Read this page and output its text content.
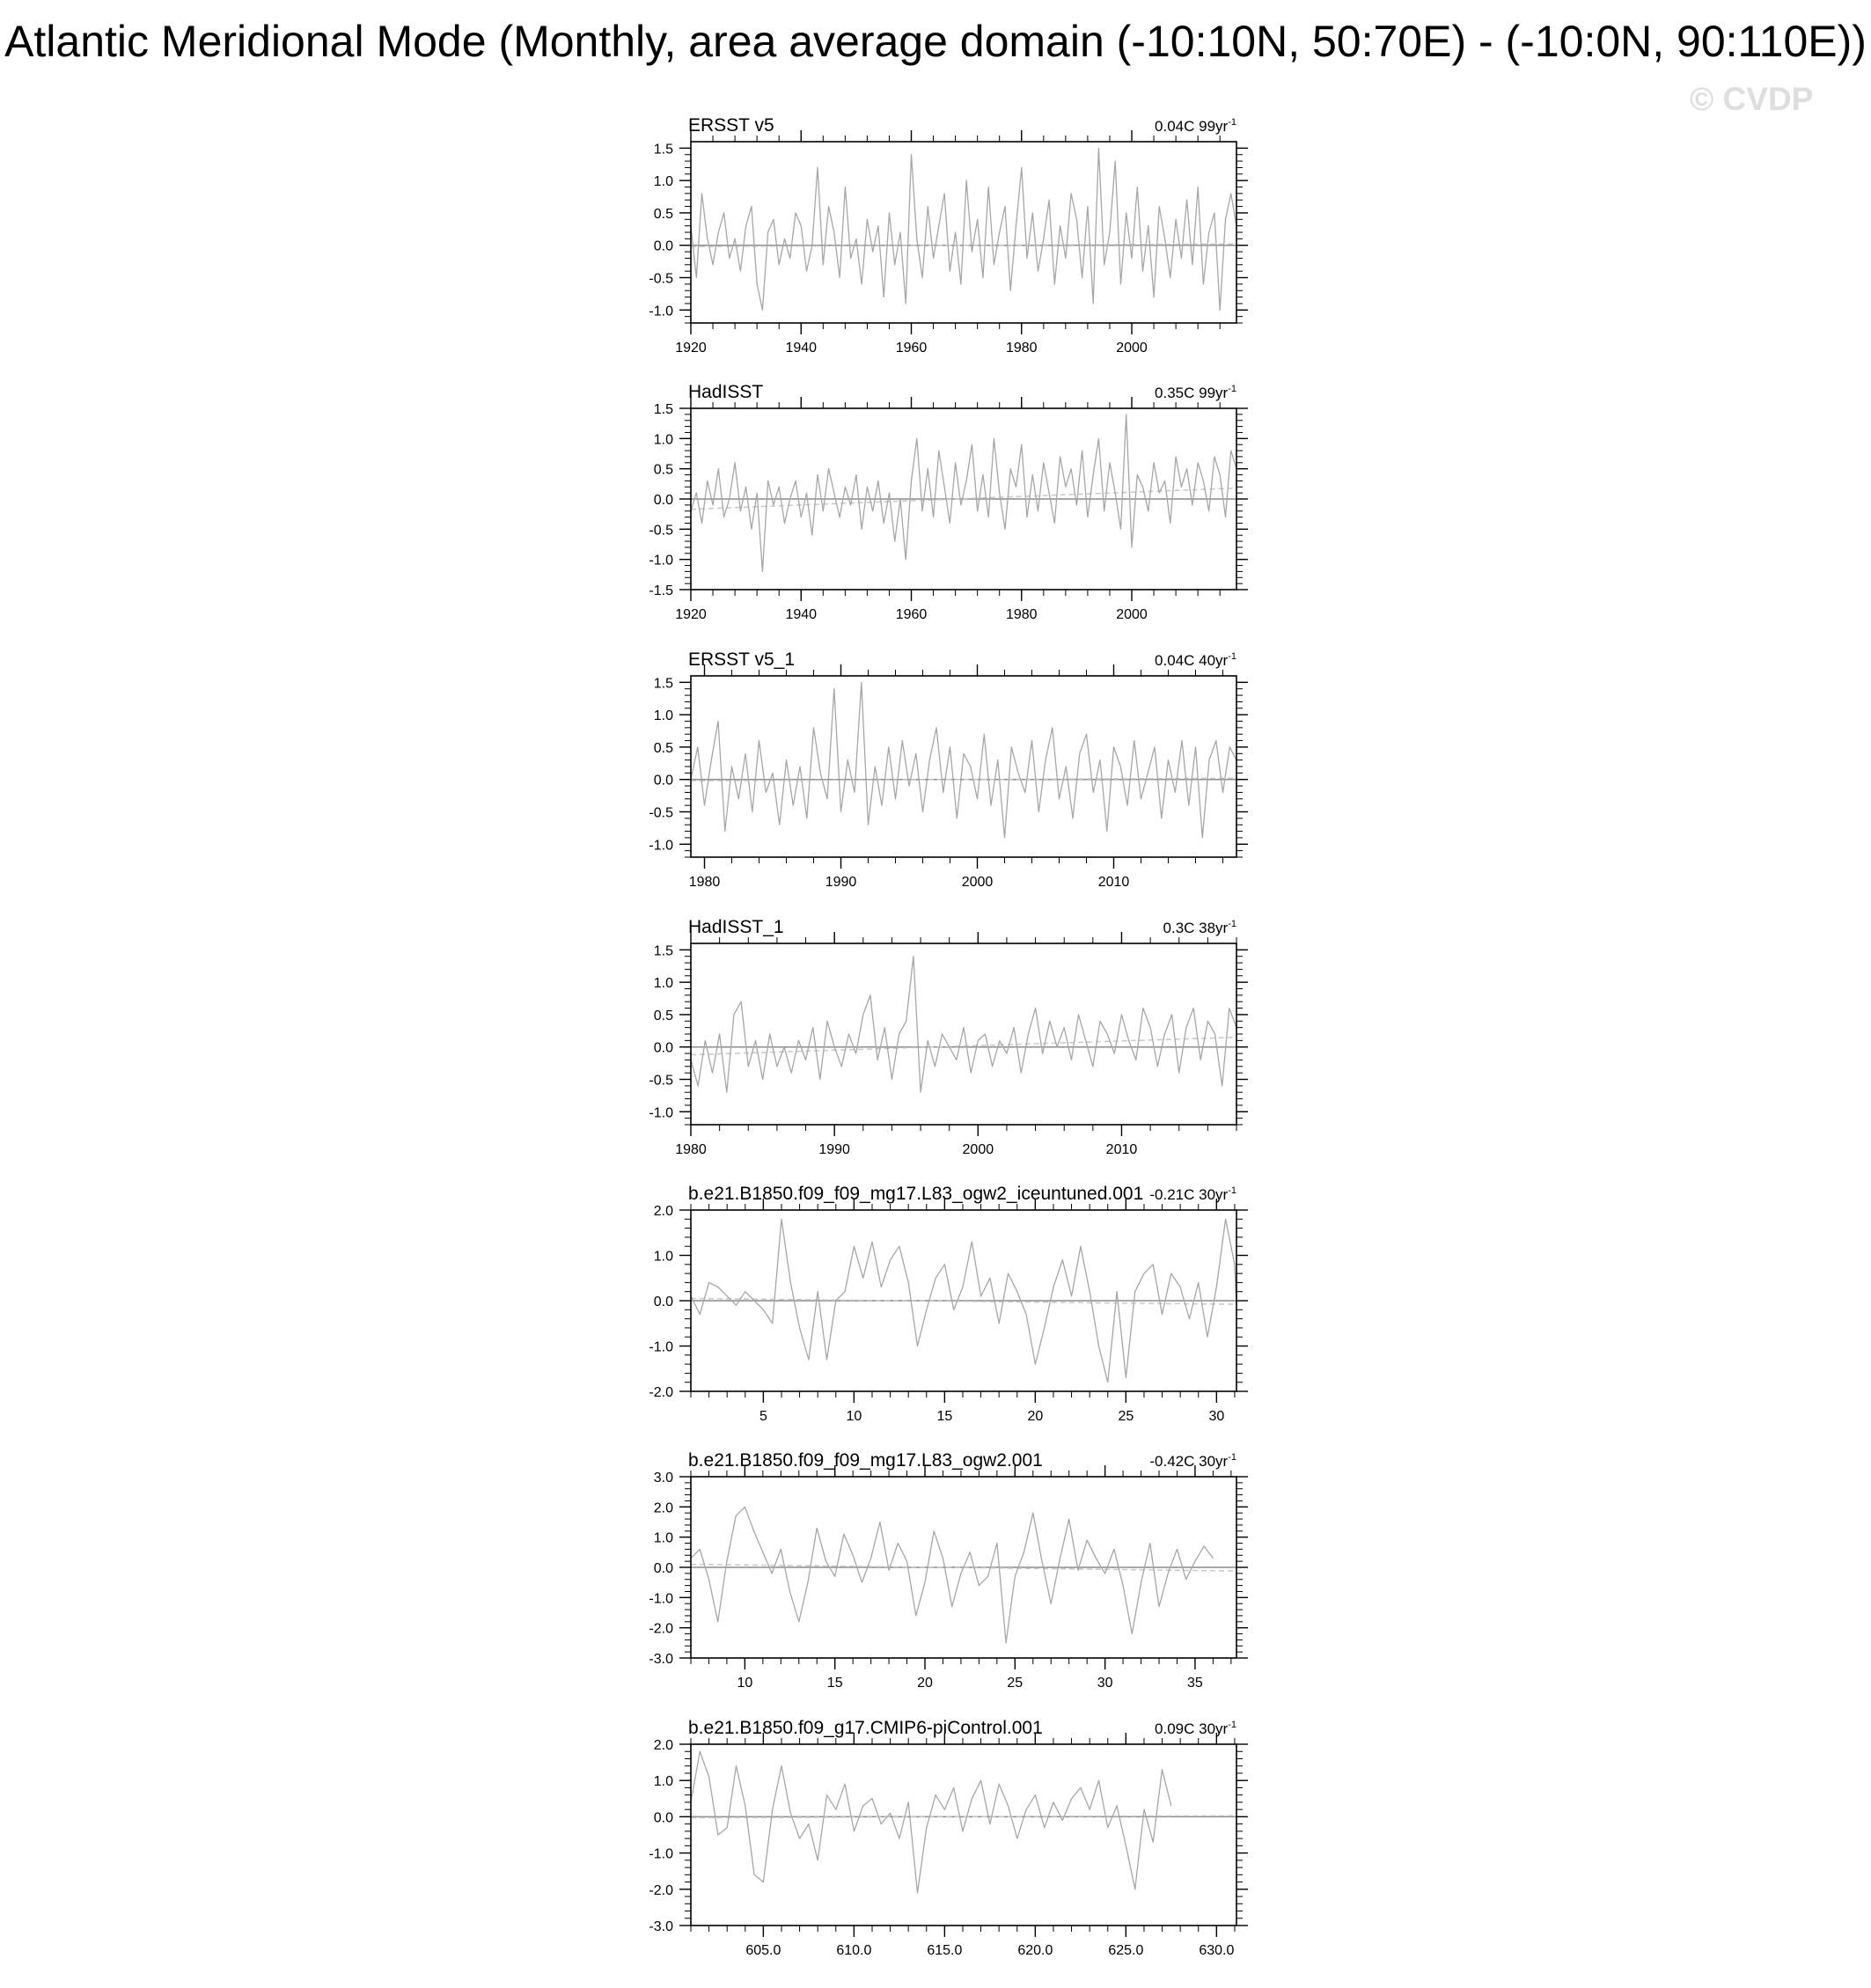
Atlantic Meridional Mode (Monthly, area average domain (-10:10N, 50:70E) - (-10:0N, 90:110E))
© CVDP
ERSST v5	0.04C $99yr^{-1}$
1.5
1.0
0.5
0.0
-0.5
-1.0
1920	1940	1960	1980	2000
HadISST	0.35C $99yr^{-1}$
1.5
1.0
0.5
0.0
-0.5
-1.0
-1.5
1920	1940	1960	1980	2000
ERSST v5_1	0.04C $40yr^{-1}$
1.5
1.0
0.5
0.0
-0.5
-1.0
1980	1990	2000	2010
HadISST_1	0.3C $38yr^{-1}$
1.5
1.0
0.5
0.0
-0.5
-1.0
1980	1990	2000	2010
b.e21.B1850.f09_f09_mg17.L83_ogw2_iceuntuned.001 -0.21C $30yr^{-1}$
2.0
1.0
0.0
-1.0
-2.0
5	10	15	20	25	30
b.e21.B1850.f09_f09_mg17.L83_ogw2.001	-0.42C $30yr^{-1}$
3.0
2.0
1.0
0.0
-1.0
-2.0
-3.0
10	15	20	25	30	35
b.e21.B1850.f09_g17.CMIP6-piControl.001	0.09C $30yr^{-1}$
2.0
1.0
0.0
-1.0
-2.0
-3.0
605.0	610.0	615.0	620.0	625.0	630.0
